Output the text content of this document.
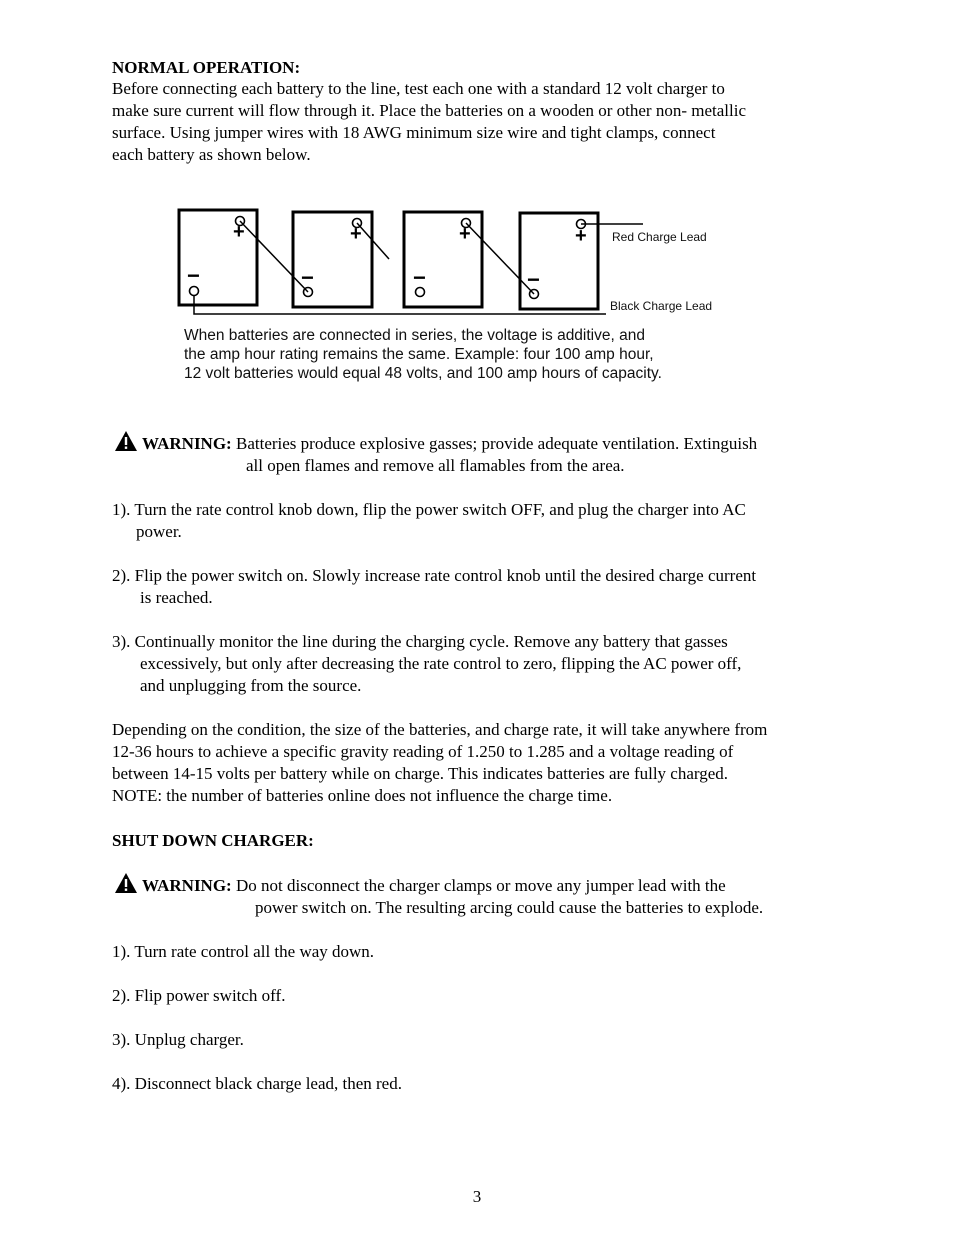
NORMAL OPERATION:
Before connecting each battery to the line, test each one with a standard 12 volt charger to
make sure current will flow through it. Place the batteries on a wooden or other non- metallic
surface. Using jumper wires with 18 AWG minimum size wire and tight clamps, connect
each battery as shown below.
+	+	+	+
−	−	−	−
Red Charge Lead
Black Charge Lead
When batteries are connected in series, the voltage is additive, and
the amp hour rating remains the same. Example: four 100 amp hour,
12 volt batteries would equal 48 volts, and 100 amp hours of capacity.
WARNING: Batteries produce explosive gasses; provide adequate ventilation. Extinguish
all open flames and remove all flamables from the area.
1). Turn the rate control knob down, flip the power switch OFF, and plug the charger into AC
power.
2). Flip the power switch on. Slowly increase rate control knob until the desired charge current
is reached.
3). Continually monitor the line during the charging cycle. Remove any battery that gasses
excessively, but only after decreasing the rate control to zero, flipping the AC power off,
and unplugging from the source.
Depending on the condition, the size of the batteries, and charge rate, it will take anywhere from
12-36 hours to achieve a specific gravity reading of 1.250 to 1.285 and a voltage reading of
between 14-15 volts per battery while on charge. This indicates batteries are fully charged.
NOTE: the number of batteries online does not influence the charge time.
SHUT DOWN CHARGER:
WARNING: Do not disconnect the charger clamps or move any jumper lead with the
power switch on. The resulting arcing could cause the batteries to explode.
1). Turn rate control all the way down.
2). Flip power switch off.
3). Unplug charger.
4). Disconnect black charge lead, then red.
3
